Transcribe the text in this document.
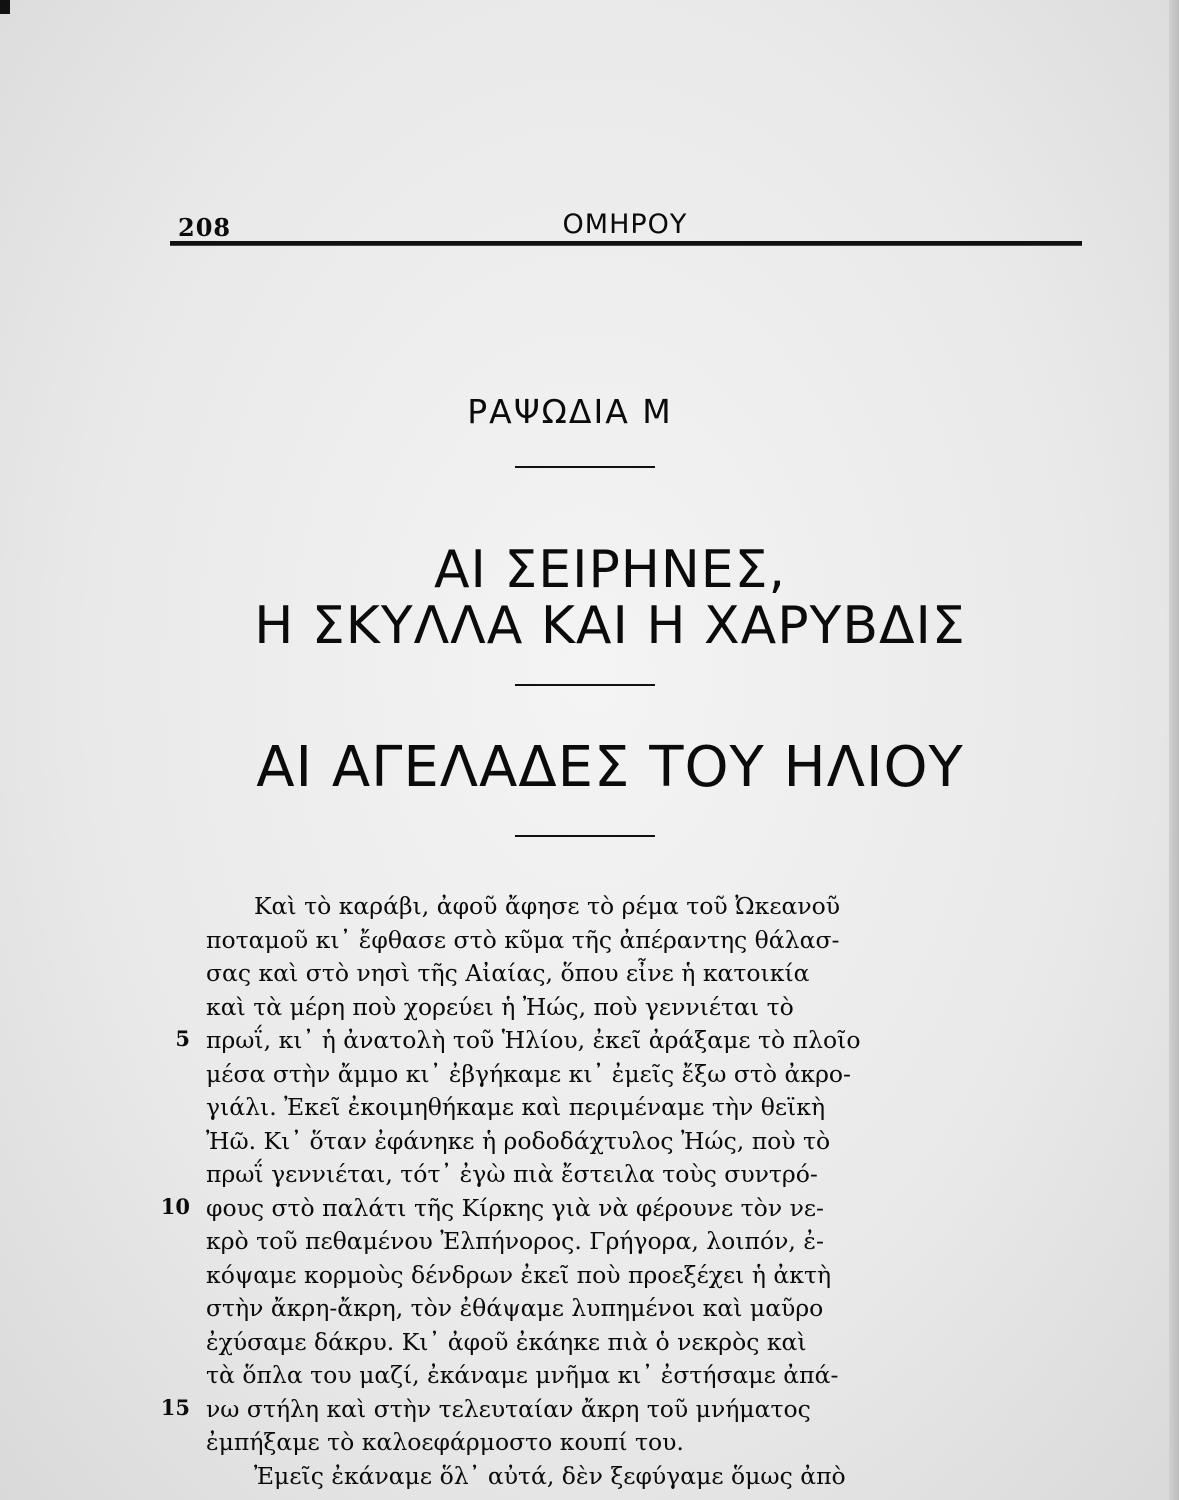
208	ΟΜΗΡΟΥ
ΡΑΨΩΔΙΑ Μ
ΑΙ ΣΕΙΡΗΝΕΣ,
Η ΣΚΥΛΛΑ ΚΑΙ Η ΧΑΡΥΒΔΙΣ
ΑΙ ΑΓΕΛΑΔΕΣ ΤΟΥ ΗΛΙΟΥ
Καὶ τὸ καράβι, ἀφοῦ ἄφησε τὸ ρέμα τοῦ Ὠκεανοῦ
ποταμοῦ κι᾽ ἔφθασε στὸ κῦμα τῆς ἀπέραντης θάλασ-
σας καὶ στὸ νησὶ τῆς Αἰαίας, ὅπου εἶνε ἡ κατοικία
καὶ τὰ μέρη ποὺ χορεύει ἡ Ἠώς, ποὺ γεννιέται τὸ
5 πρωΐ, κι᾽ ἡ ἀνατολὴ τοῦ Ἡλίου, ἐκεῖ ἀράξαμε τὸ πλοῖο
μέσα στὴν ἄμμο κι᾽ ἐβγήκαμε κι᾽ ἐμεῖς ἔξω στὸ ἀκρο-
γιάλι. Ἐκεῖ ἐκοιμηθήκαμε καὶ περιμέναμε τὴν θεϊκὴ
Ἠῶ. Κι᾽ ὅταν ἐφάνηκε ἡ ροδοδάχτυλος Ἠώς, ποὺ τὸ
πρωΐ γεννιέται, τότ᾽ ἐγὼ πιὰ ἔστειλα τοὺς συντρό-
10 φους στὸ παλάτι τῆς Κίρκης γιὰ νὰ φέρουνε τὸν νε-
κρὸ τοῦ πεθαμένου Ἐλπήνορος. Γρήγορα, λοιπόν, ἐ-
κόψαμε κορμοὺς δένδρων ἐκεῖ ποὺ προεξέχει ἡ ἀκτὴ
στὴν ἄκρη-ἄκρη, τὸν ἐθάψαμε λυπημένοι καὶ μαῦρο
ἐχύσαμε δάκρυ. Κι᾽ ἀφοῦ ἐκάηκε πιὰ ὁ νεκρὸς καὶ
τὰ ὅπλα του μαζί, ἐκάναμε μνῆμα κι᾽ ἐστήσαμε ἀπά-
15 νω στήλη καὶ στὴν τελευταίαν ἄκρη τοῦ μνήματος
ἐμπήξαμε τὸ καλοεφάρμοστο κουπί του.
Ἐμεῖς ἐκάναμε ὅλ᾽ αὐτά, δὲν ξεφύγαμε ὅμως ἀπὸ
